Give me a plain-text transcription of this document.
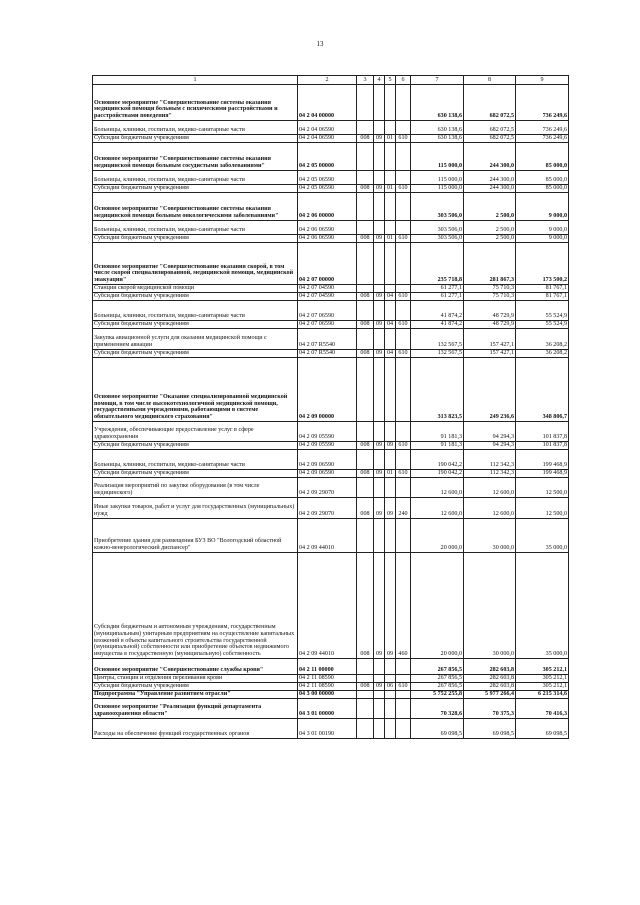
13
1	2	3	4	5	6	7	8	9
Основное мероприятие "Совершенствование системы оказания медицинской помощи больным с психическими расстройствами и расстройствами поведения"	04 2 04 00000					630 138,6	682 072,5	736 249,6
Больницы, клиники, госпитали, медико-санитарные части	04 2 04 06590					630 138,6	682 072,5	736 249,6
Субсидии бюджетным учреждениям	04 2 04 06590	008	09	01	610	630 138,6	682 072,5	736 249,6
Основное мероприятие "Совершенствование системы оказания медицинской помощи больным сосудистыми заболеваниями"	04 2 05 00000					115 000,0	244 300,0	85 000,0
Больницы, клиники, госпитали, медико-санитарные части	04 2 05 06590					115 000,0	244 300,0	85 000,0
Субсидии бюджетным учреждениям	04 2 05 06590	008	09	01	610	115 000,0	244 300,0	85 000,0
Основное мероприятие "Совершенствование системы оказания медицинской помощи больным онкологическими заболеваниями"	04 2 06 00000					303 506,0	2 500,0	9 000,0
Больницы, клиники, госпитали, медико-санитарные части	04 2 06 06590					303 506,0	2 500,0	9 000,0
Субсидии бюджетным учреждениям	04 2 06 06590	008	09	01	610	303 506,0	2 500,0	9 000,0
Основное мероприятие "Совершенствование оказания скорой, в том числе скорой специализированной, медицинской помощи, медицинской эвакуации"	04 2 07 00000					235 718,8	281 867,3	173 500,2
Станции скорой медицинской помощи	04 2 07 04590					61 277,1	75 710,3	81 767,1
Субсидии бюджетным учреждениям	04 2 07 04590	008	09	04	610	61 277,1	75 710,3	81 767,1
Больницы, клиники, госпитали, медико-санитарные части	04 2 07 06590					41 874,2	48 729,9	55 524,9
Субсидии бюджетным учреждениям	04 2 07 06590	008	09	04	610	41 874,2	48 729,9	55 524,9
Закупка авиационной услуги для оказания медицинской помощи с применением авиации	04 2 07 R5540					132 567,5	157 427,1	36 208,2
Субсидии бюджетным учреждениям	04 2 07 R5540	008	09	04	610	132 567,5	157 427,1	36 208,2
Основное мероприятие "Оказание специализированной медицинской помощи, в том числе высокотехнологичной медицинской помощи, государственными учреждениями, работающими в системе обязательного медицинского страхования"	04 2 09 00000					313 823,5	249 236,6	348 806,7
Учреждения, обеспечивающие предоставление услуг в сфере здравоохранения	04 2 09 05590					91 181,3	94 294,3	101 837,8
Субсидии бюджетным учреждениям	04 2 09 05590	008	09	09	610	91 181,3	94 294,3	101 837,8
Больницы, клиники, госпитали, медико-санитарные части	04 2 09 06590					190 042,2	112 342,3	199 468,9
Субсидии бюджетным учреждениям	04 2 09 06590	008	09	01	610	190 042,2	112 342,3	199 468,9
Реализация мероприятий по закупке оборудования (в том числе медицинского)	04 2 09 29070					12 600,0	12 600,0	12 500,0
Иные закупки товаров, работ и услуг для государственных (муниципальных) нужд	04 2 09 29070	008	09	09	240	12 600,0	12 600,0	12 500,0
Приобретение здания для размещения БУЗ ВО "Вологодский областной кожно-венерологический диспансер"	04 2 09 44010					20 000,0	30 000,0	35 000,0
Субсидии бюджетным и автономным учреждениям, государственным (муниципальным) унитарным предприятиям на осуществление капитальных вложений в объекты капитального строительства государственной (муниципальной) собственности или приобретение объектов недвижимого имущества в государственную (муниципальную) собственность	04 2 09 44010	008	09	09	460	20 000,0	30 000,0	35 000,0
Основное мероприятие "Совершенствование службы крови"	04 2 11 00000					267 856,5	282 603,8	305 212,1
Центры, станции и отделения переливания крови	04 2 11 08590					267 856,5	282 603,8	305 212,1
Субсидии бюджетным учреждениям	04 2 11 08590	008	09	06	610	267 856,5	282 603,8	305 212,1
Подпрограмма "Управление развитием отрасли"	04 3 00 00000					5 752 255,8	5 977 266,4	6 215 314,6
Основное мероприятие "Реализация функций департамента здравоохранения области"	04 3 01 00000					70 328,6	70 375,3	70 416,3
Расходы на обеспечение функций государственных органов	04 3 01 00190					69 098,5	69 098,5	69 098,5
